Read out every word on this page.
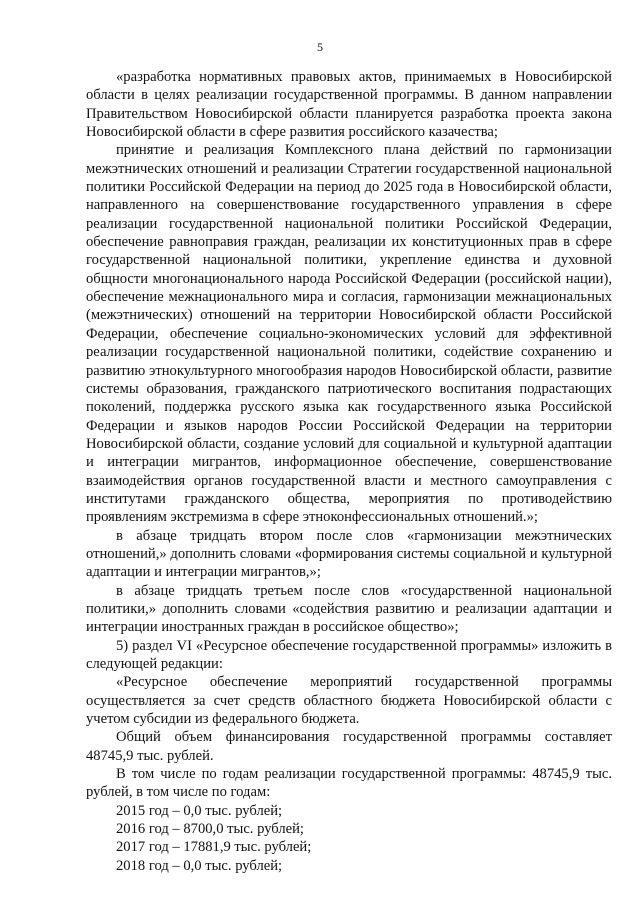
5

«разработка нормативных правовых актов, принимаемых в Новосибирской области в целях реализации государственной программы. В данном направлении Правительством Новосибирской области планируется разработка проекта закона Новосибирской области в сфере развития российского казачества;

принятие и реализация Комплексного плана действий по гармонизации межэтнических отношений и реализации Стратегии государственной национальной политики Российской Федерации на период до 2025 года в Новосибирской области, направленного на совершенствование государственного управления в сфере реализации государственной национальной политики Российской Федерации, обеспечение равноправия граждан, реализации их конституционных прав в сфере государственной национальной политики, укрепление единства и духовной общности многонационального народа Российской Федерации (российской нации), обеспечение межнационального мира и согласия, гармонизации межнациональных (межэтнических) отношений на территории Новосибирской области Российской Федерации, обеспечение социально-экономических условий для эффективной реализации государственной национальной политики, содействие сохранению и развитию этнокультурного многообразия народов Новосибирской области, развитие системы образования, гражданского патриотического воспитания подрастающих поколений, поддержка русского языка как государственного языка Российской Федерации и языков народов России Российской Федерации на территории Новосибирской области, создание условий для социальной и культурной адаптации и интеграции мигрантов, информационное обеспечение, совершенствование взаимодействия органов государственной власти и местного самоуправления с институтами гражданского общества, мероприятия по противодействию проявлениям экстремизма в сфере этноконфессиональных отношений.»;

в абзаце тридцать втором после слов «гармонизации межэтнических отношений,» дополнить словами «формирования системы социальной и культурной адаптации и интеграции мигрантов,»;

в абзаце тридцать третьем после слов «государственной национальной политики,» дополнить словами «содействия развитию и реализации адаптации и интеграции иностранных граждан в российское общество»;

5) раздел VI «Ресурсное обеспечение государственной программы» изложить в следующей редакции:

«Ресурсное обеспечение мероприятий государственной программы осуществляется за счет средств областного бюджета Новосибирской области с учетом субсидии из федерального бюджета.

Общий объем финансирования государственной программы составляет 48745,9 тыс. рублей.

В том числе по годам реализации государственной программы: 48745,9 тыс. рублей, в том числе по годам:

2015 год – 0,0 тыс. рублей;

2016 год – 8700,0 тыс. рублей;

2017 год – 17881,9 тыс. рублей;

2018 год – 0,0 тыс. рублей;
